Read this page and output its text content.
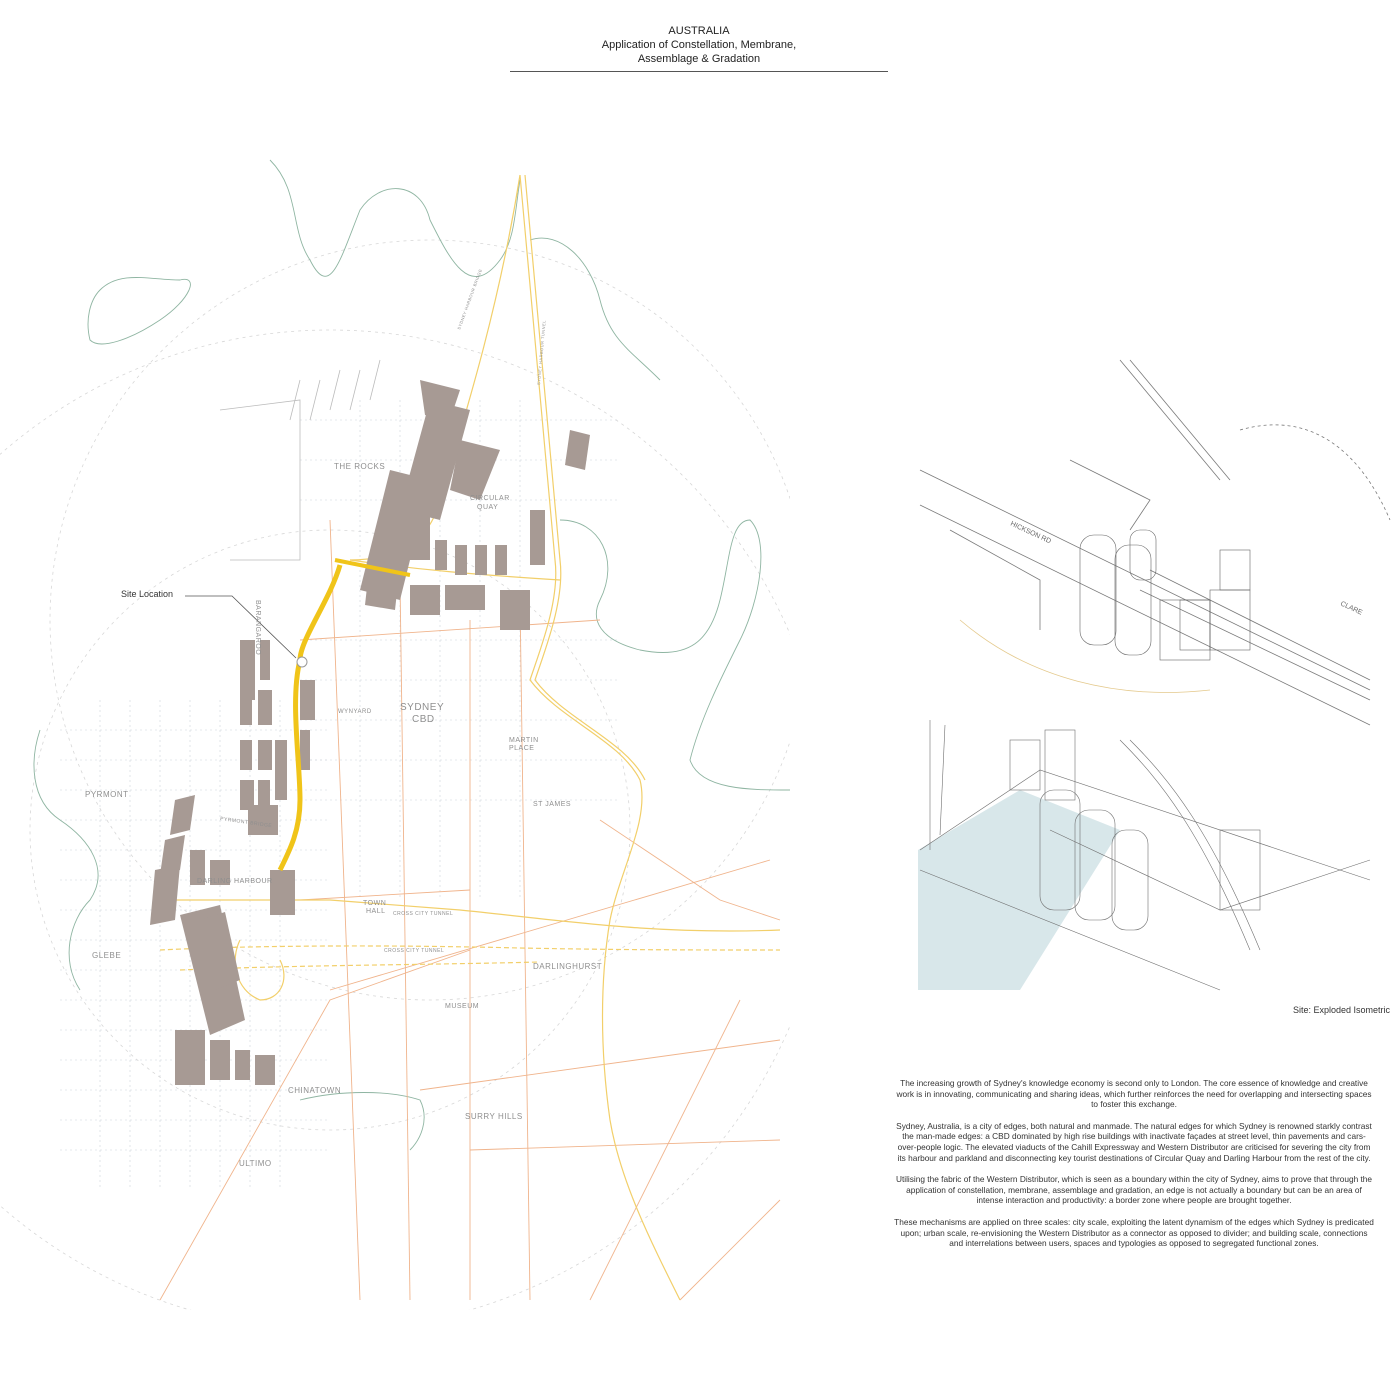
AUSTRALIA
Application of Constellation, Membrane,
Assemblage & Gradation
THE ROCKS
CIRCULAR
QUAY
BARANGAROO
WYNYARD	SYDNEY
CBD
MARTIN
PLACE
ST JAMES
PYRMONT
PYRMONT BRIDGE
DARLING HARBOUR
TOWN
HALL CROSS CITY TUNNEL
CROSS CITY TUNNEL
GLEBE
DARLINGHURST
MUSEUM
CHINATOWN
SURRY HILLS
ULTIMO
SYDNEY HARBOUR BRIDGE
SYDNEY HARBOUR TUNNEL
Site Location
HICKSON RD
CLARE
Site: Exploded Isometric

The increasing growth of Sydney's knowledge economy is second only to London. The core essence of knowledge and creative work is in innovating, communicating and sharing ideas, which further reinforces the need for overlapping and intersecting spaces to foster this exchange.

Sydney, Australia, is a city of edges, both natural and manmade. The natural edges for which Sydney is renowned starkly contrast the man-made edges: a CBD dominated by high rise buildings with inactivate façades at street level, thin pavements and cars-over-people logic. The elevated viaducts of the Cahill Expressway and Western Distributor are criticised for severing the city from its harbour and parkland and disconnecting key tourist destinations of Circular Quay and Darling Harbour from the rest of the city.

Utilising the fabric of the Western Distributor, which is seen as a boundary within the city of Sydney, aims to prove that through the application of constellation, membrane, assemblage and gradation, an edge is not actually a boundary but can be an area of intense interaction and productivity: a border zone where people are brought together.

These mechanisms are applied on three scales: city scale, exploiting the latent dynamism of the edges which Sydney is predicated upon; urban scale, re-envisioning the Western Distributor as a connector as opposed to divider; and building scale, connections and interrelations between users, spaces and typologies as opposed to segregated functional zones.
